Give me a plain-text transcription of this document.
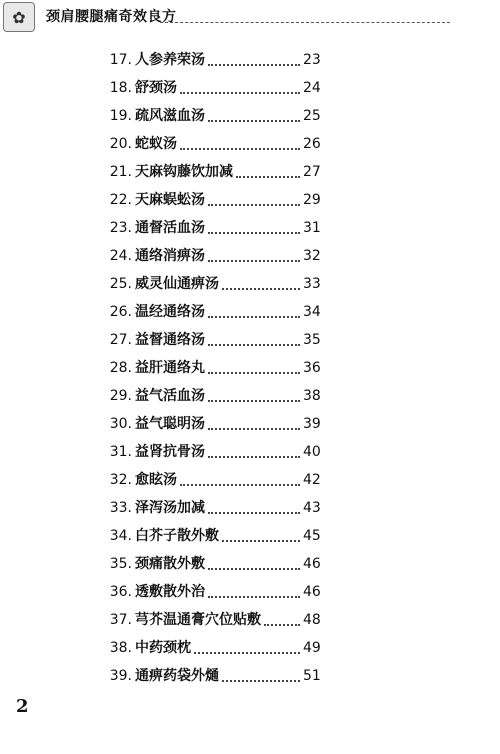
✿	颈肩腰腿痛奇效良方
17. 人参养荣汤	23
18. 舒颈汤	24
19. 疏风滋血汤	25
20. 蛇蚁汤	26
21. 天麻钩藤饮加减	27
22. 天麻蜈蚣汤	29
23. 通督活血汤	31
24. 通络消痹汤	32
25. 威灵仙通痹汤	33
26. 温经通络汤	34
27. 益督通络汤	35
28. 益肝通络丸	36
29. 益气活血汤	38
30. 益气聪明汤	39
31. 益肾抗骨汤	40
32. 愈眩汤	42
33. 泽泻汤加减	43
34. 白芥子散外敷	45
35. 颈痛散外敷	46
36. 透敷散外治	46
37. 芎芥温通膏穴位贴敷	48
38. 中药颈枕	49
39. 通痹药袋外熥	51
2
